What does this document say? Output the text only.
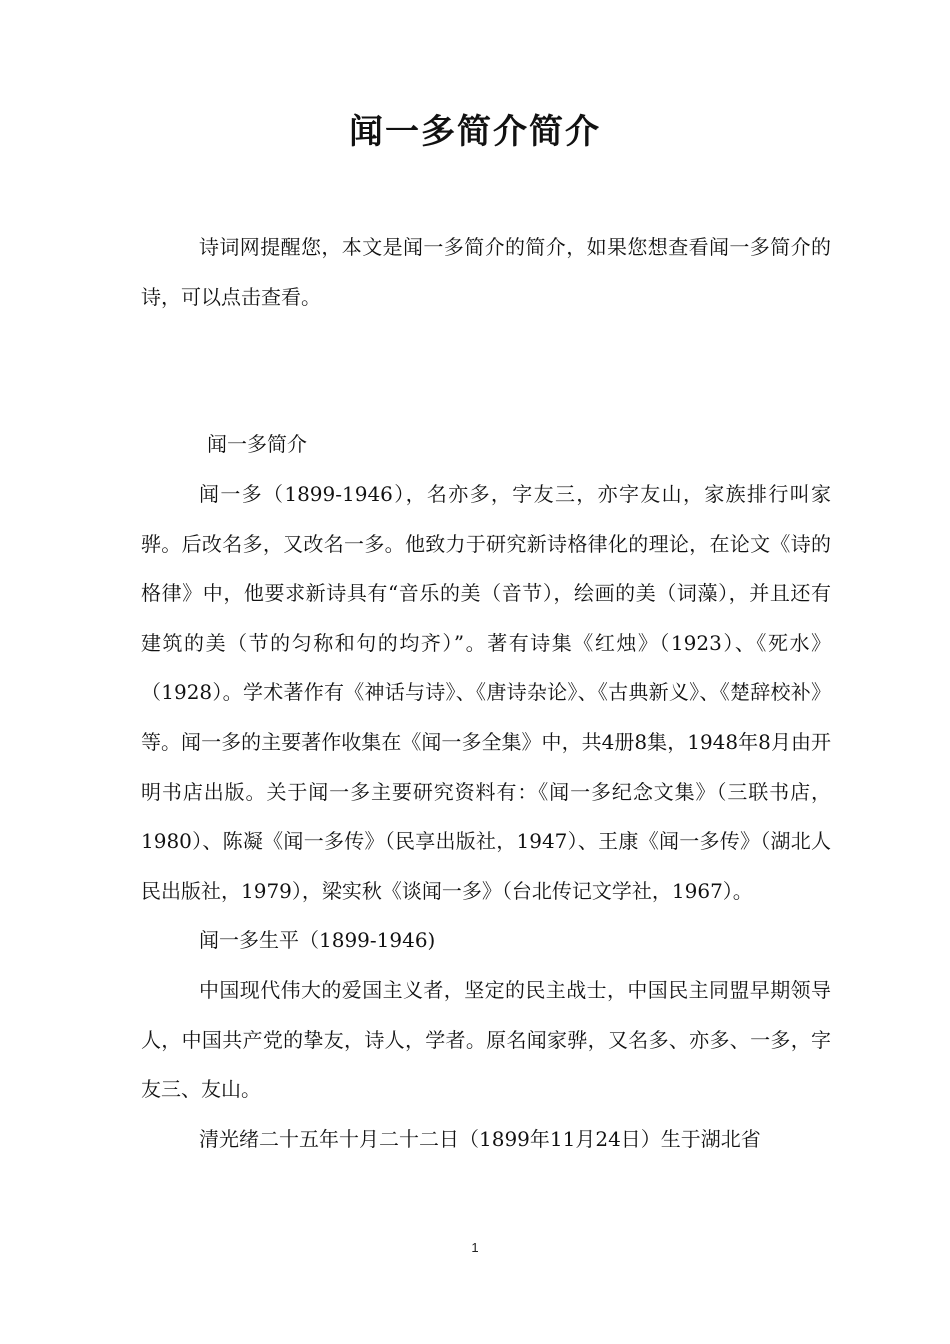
闻一多简介简介

诗词网提醒您，本文是闻一多简介的简介，如果您想查看闻一多简介的诗，可以点击查看。

闻一多简介

闻一多（1899-1946），名亦多，字友三，亦字友山，家族排行叫家骅。后改名多，又改名一多。他致力于研究新诗格律化的理论，在论文《诗的格律》中，他要求新诗具有“音乐的美（音节），绘画的美（词藻），并且还有建筑的美（节的匀称和句的均齐）”。著有诗集《红烛》（1923）、《死水》（1928）。学术著作有《神话与诗》、《唐诗杂论》、《古典新义》、《楚辞校补》等。闻一多的主要著作收集在《闻一多全集》中，共4册8集，1948年8月由开明书店出版。关于闻一多主要研究资料有：《闻一多纪念文集》（三联书店，1980）、陈凝《闻一多传》（民享出版社，1947）、王康《闻一多传》（湖北人民出版社，1979），梁实秋《谈闻一多》（台北传记文学社，1967）。
闻一多生平（1899-1946)
中国现代伟大的爱国主义者，坚定的民主战士，中国民主同盟早期领导人，中国共产党的挚友，诗人，学者。原名闻家骅，又名多、亦多、一多，字友三、友山。
清光绪二十五年十月二十二日（1899年11月24日）生于湖北省

1
